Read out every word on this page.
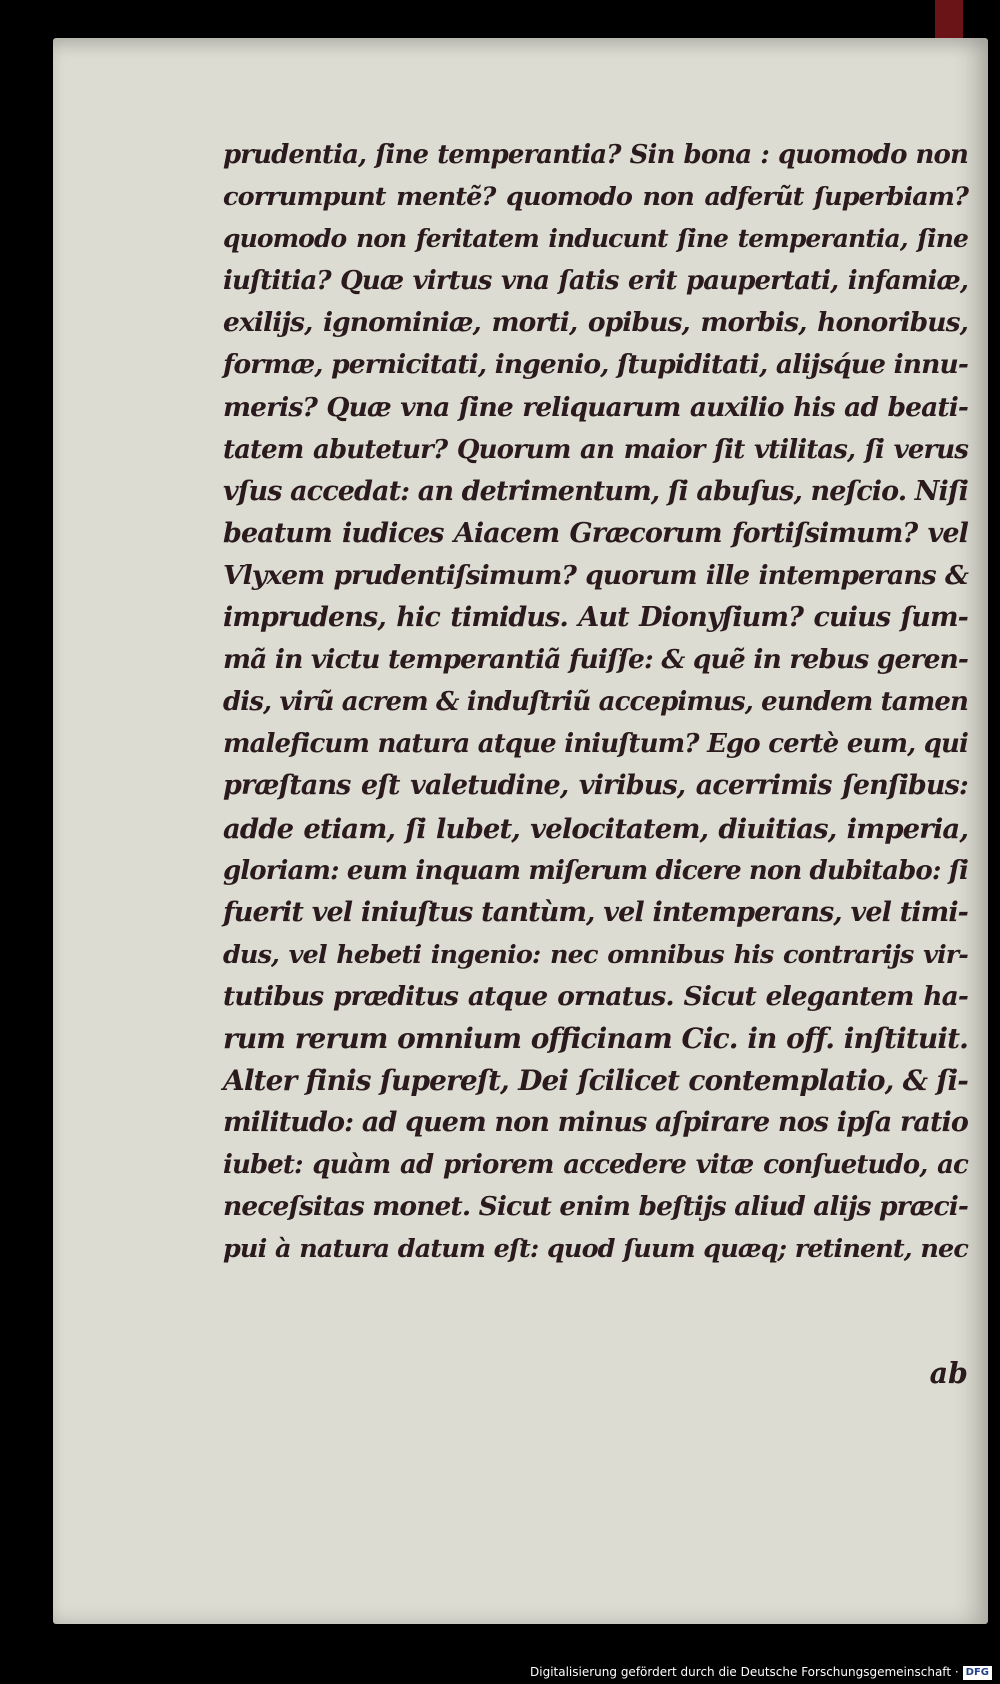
prudentia, ſine temperantia? Sin bona : quomodo non
corrumpunt mentẽ? quomodo non adferũt ſuperbiam?
quomodo non feritatem inducunt ſine temperantia, ſine
iuſtitia? Quæ virtus vna ſatis erit paupertati, infamiæ,
exilijs, ignominiæ, morti, opibus, morbis, honoribus,
formæ, pernicitati, ingenio, ſtupiditati, alijsq́ue innu-
meris? Quæ vna ſine reliquarum auxilio his ad beati-
tatem abutetur? Quorum an maior ſit vtilitas, ſi verus
vſus accedat: an detrimentum, ſi abuſus, neſcio. Niſi
beatum iudices Aiacem Græcorum fortiſsimum? vel
Vlyxem prudentiſsimum? quorum ille intemperans &
imprudens, hic timidus. Aut Dionyſium? cuius ſum-
mã in victu temperantiã fuiſſe: & quẽ in rebus geren-
dis, virũ acrem & induſtriũ accepimus, eundem tamen
maleficum natura atque iniuſtum? Ego certè eum, qui
præſtans eſt valetudine, viribus, acerrimis ſenſibus:
adde etiam, ſi lubet, velocitatem, diuitias, imperia,
gloriam: eum inquam miſerum dicere non dubitabo: ſi
fuerit vel iniuſtus tantùm, vel intemperans, vel timi-
dus, vel hebeti ingenio: nec omnibus his contrarijs vir-
tutibus præditus atque ornatus. Sicut elegantem ha-
rum rerum omnium officinam Cic. in off. inſtituit.
Alter finis ſupereſt, Dei ſcilicet contemplatio, & ſi-
militudo: ad quem non minus aſpirare nos ipſa ratio
iubet: quàm ad priorem accedere vitæ conſuetudo, ac
neceſsitas monet. Sicut enim beſtijs aliud alijs præci-
pui à natura datum eſt: quod ſuum quæq; retinent, nec
ab
Digitalisierung gefördert durch die Deutsche Forschungsgemeinschaft · DFG
